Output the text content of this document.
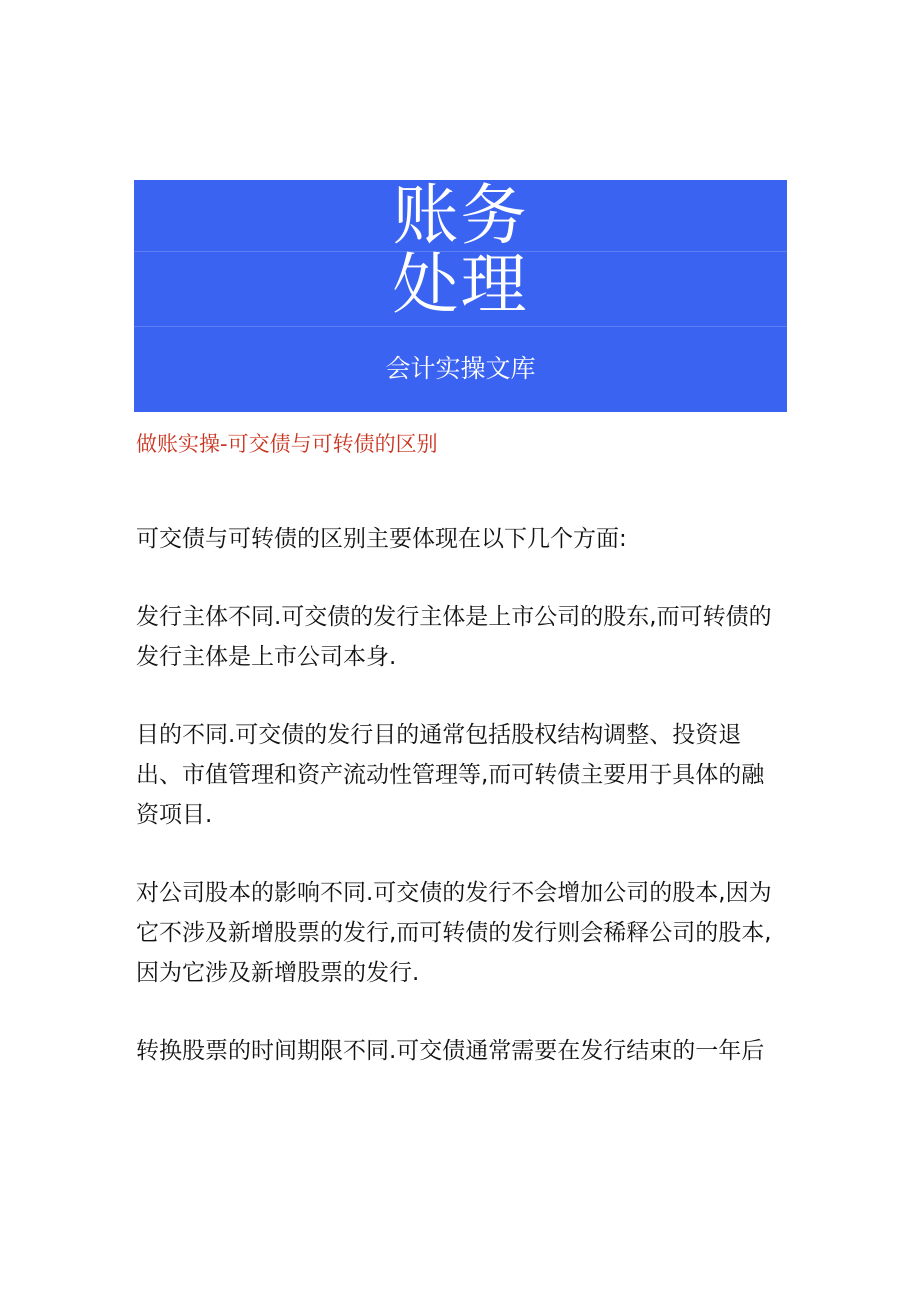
账务
处理
会计实操文库
做账实操-可交债与可转债的区别

可交债与可转债的区别主要体现在以下几个方面:

发行主体不同.可交债的发行主体是上市公司的股东,而可转债的发行主体是上市公司本身.

目的不同.可交债的发行目的通常包括股权结构调整、投资退出、市值管理和资产流动性管理等,而可转债主要用于具体的融资项目.

对公司股本的影响不同.可交债的发行不会增加公司的股本,因为它不涉及新增股票的发行,而可转债的发行则会稀释公司的股本,因为它涉及新增股票的发行.

转换股票的时间期限不同.可交债通常需要在发行结束的一年后
